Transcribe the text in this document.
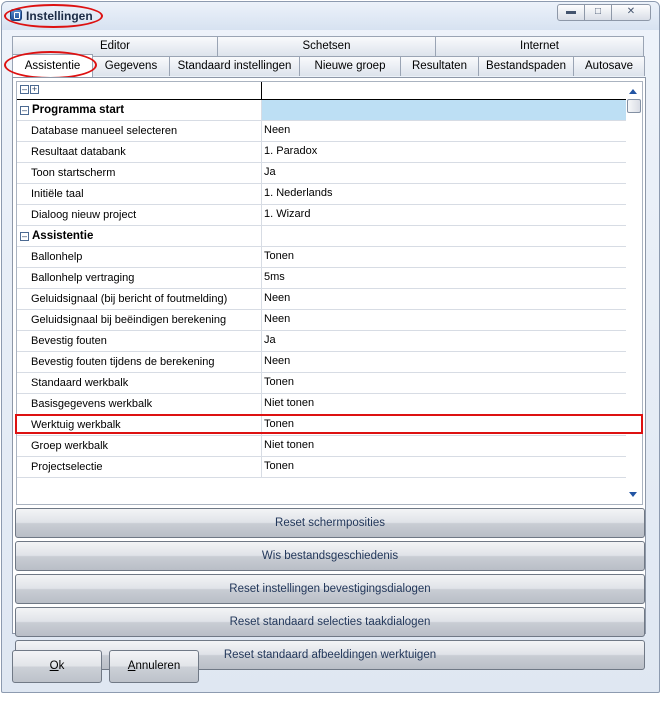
Instellingen	▬	□	✕
Editor	Schetsen	Internet
Assistentie	Gegevens	Standaard instellingen	Nieuwe groep	Resultaten	Bestandspaden	Autosave
– +
– Programma start
Database manueel selecteren	Neen
Resultaat databank	1. Paradox
Toon startscherm	Ja
Initiële taal	1. Nederlands
Dialoog nieuw project	1. Wizard
– Assistentie
Ballonhelp	Tonen
Ballonhelp vertraging	5ms
Geluidsignaal (bij bericht of foutmelding)	Neen
Geluidsignaal bij beëindigen berekening	Neen
Bevestig fouten	Ja
Bevestig fouten tijdens de berekening	Neen
Standaard werkbalk	Tonen
Basisgegevens werkbalk	Niet tonen
Werktuig werkbalk	Tonen
Groep werkbalk	Niet tonen
Projectselectie	Tonen
Reset schermposities
Wis bestandsgeschiedenis
Reset instellingen bevestigingsdialogen
Reset standaard selecties taakdialogen
Reset standaard afbeeldingen werktuigen
Ok	Annuleren
